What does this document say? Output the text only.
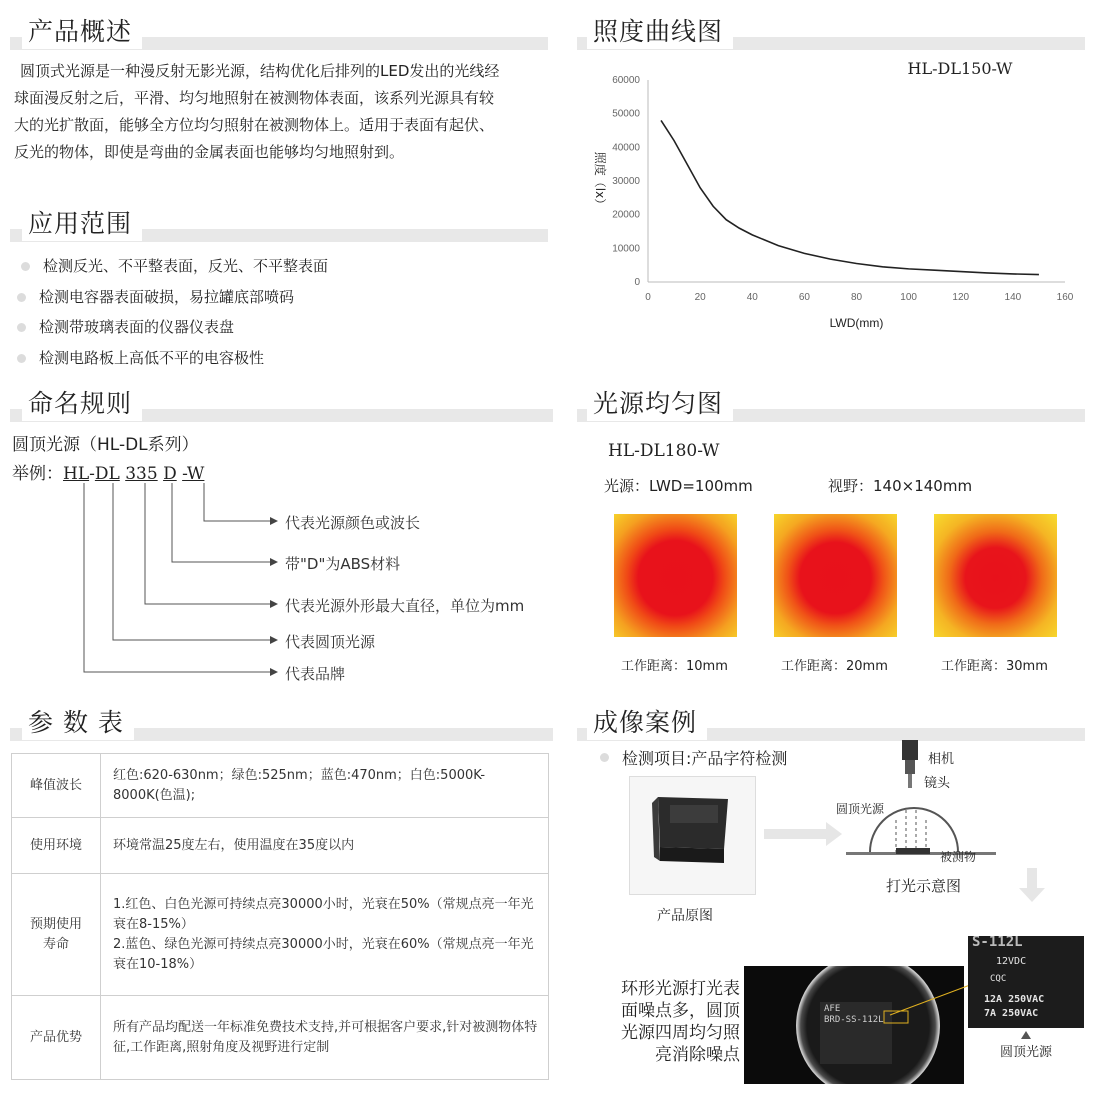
产品概述
圆顶式光源是一种漫反射无影光源，结构优化后排列的LED发出的光线经
球面漫反射之后，平滑、均匀地照射在被测物体表面，该系列光源具有较
大的光扩散面，能够全方位均匀照射在被测物体上。适用于表面有起伏、
反光的物体，即使是弯曲的金属表面也能够均匀地照射到。
应用范围
检测反光、不平整表面，反光、不平整表面
检测电容器表面破损，易拉罐底部喷码
检测带玻璃表面的仪器仪表盘
检测电路板上高低不平的电容极性
命名规则
圆顶光源（HL-DL系列）
举例：HL-DL 335 D -W
代表光源颜色或波长
带"D"为ABS材料
代表光源外形最大直径，单位为mm
代表圆顶光源
代表品牌
参 数 表
峰值波长	红色:620-630nm；绿色:525nm；蓝色:470nm；白色:5000K-8000K(色温);
使用环境	环境常温25度左右，使用温度在35度以内
预期使用寿命	1.红色、白色光源可持续点亮30000小时，光衰在50%（常规点亮一年光衰在8-15%）
2.蓝色、绿色光源可持续点亮30000小时，光衰在60%（常规点亮一年光衰在10-18%）
产品优势	所有产品均配送一年标准免费技术支持,并可根据客户要求,针对被测物体特征,工作距离,照射角度及视野进行定制
照度曲线图
0	20	40	60	80	100	120	140	160
0
10000
20000
30000
40000
50000
60000
HL-DL150-W
LWD(mm)
照度（lx）
光源均匀图
HL-DL180-W
光源：LWD=100mm	视野：140×140mm
工作距离：10mm	工作距离：20mm	工作距离：30mm
成像案例
检测项目:产品字符检测
产品原图
相机
镜头
圆顶光源
被测物
打光示意图
环形光源打光表
面噪点多，圆顶
光源四周均匀照
亮消除噪点
AFE
BRD-SS-112L
S-112L
12VDC
CQC
12A 250VAC
7A 250VAC
圆顶光源
